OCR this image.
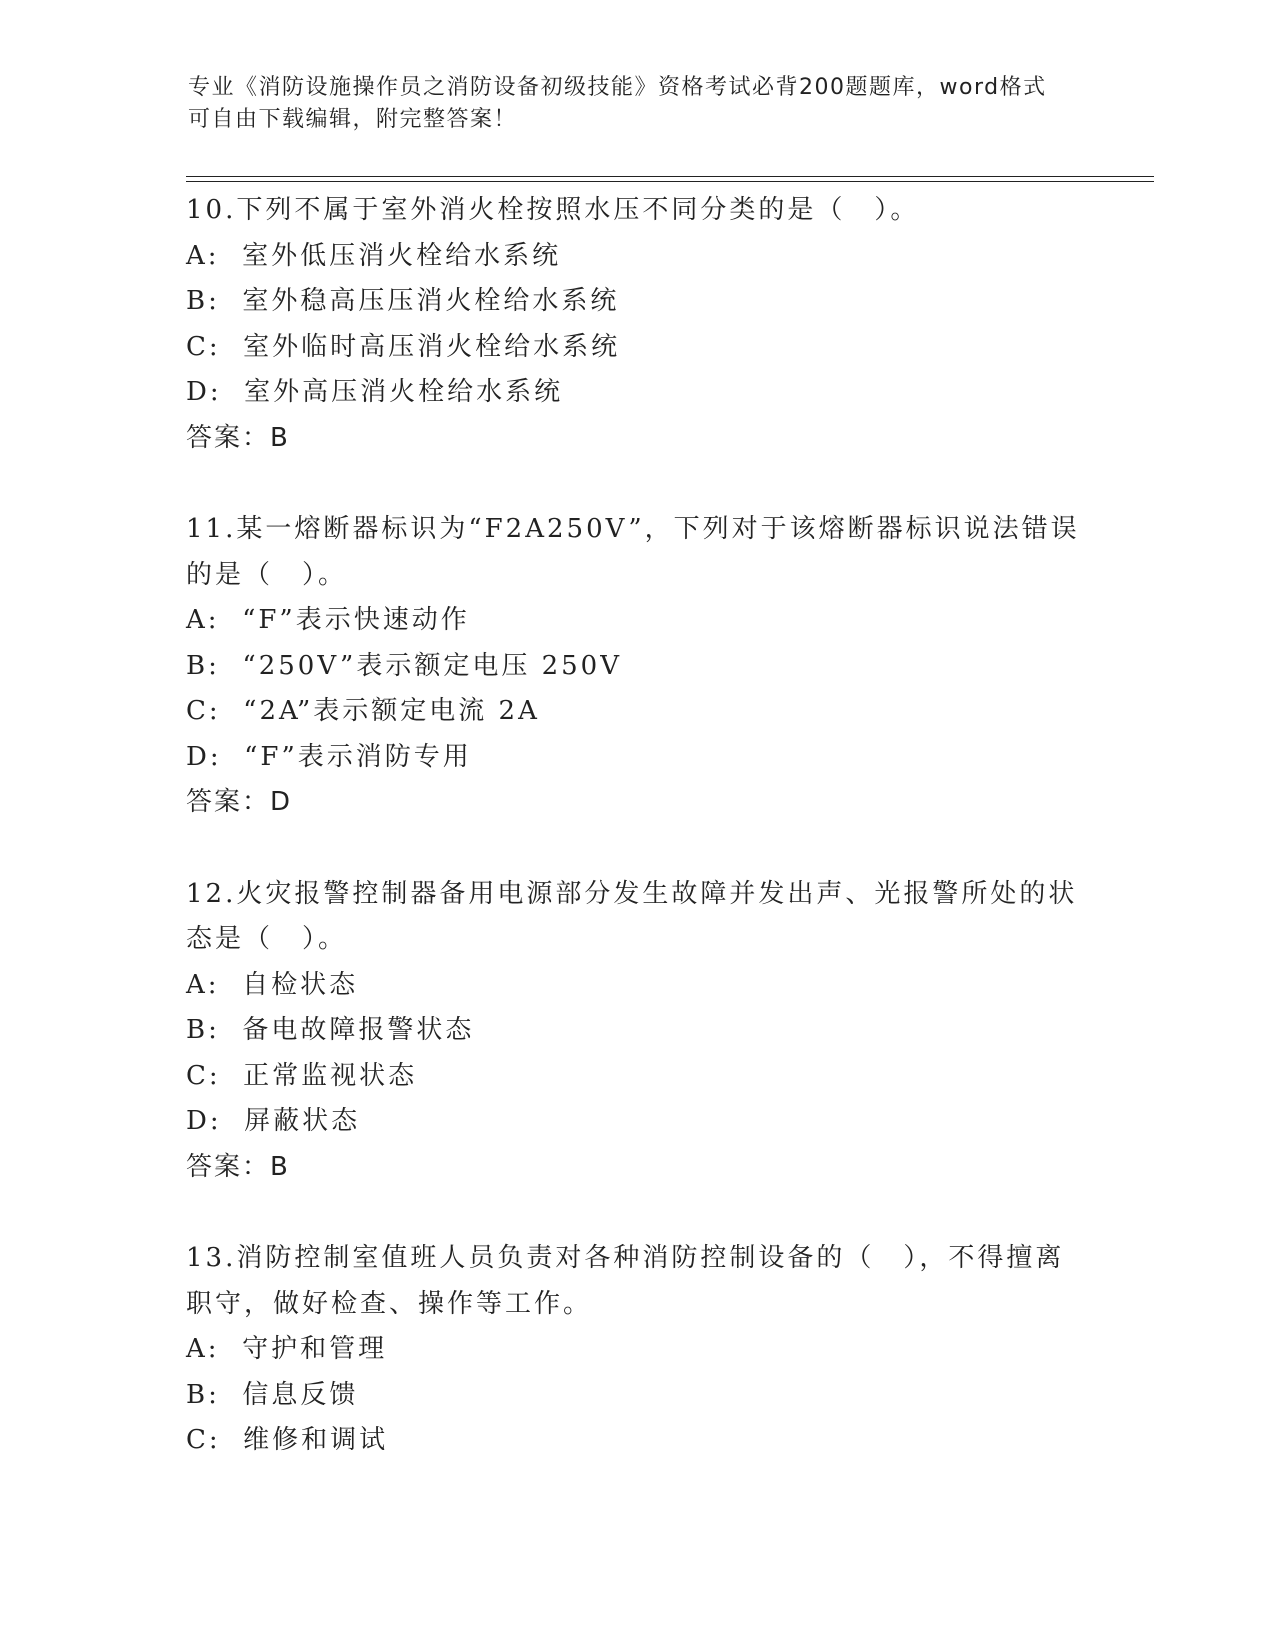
专业《消防设施操作员之消防设备初级技能》资格考试必背200题题库，word格式可自由下载编辑，附完整答案！
10.下列不属于室外消火栓按照水压不同分类的是（　）。
A:  室外低压消火栓给水系统
B:  室外稳高压压消火栓给水系统
C:  室外临时高压消火栓给水系统
D:  室外高压消火栓给水系统
答案：B
11.某一熔断器标识为“F2A250V”，下列对于该熔断器标识说法错误
的是（　）。
A:  “F”表示快速动作
B:  “250V”表示额定电压 250V
C:  “2A”表示额定电流 2A
D:  “F”表示消防专用
答案：D
12.火灾报警控制器备用电源部分发生故障并发出声、光报警所处的状
态是（　）。
A:  自检状态
B:  备电故障报警状态
C:  正常监视状态
D:  屏蔽状态
答案：B
13.消防控制室值班人员负责对各种消防控制设备的（　），不得擅离
职守，做好检查、操作等工作。
A:  守护和管理
B:  信息反馈
C:  维修和调试
